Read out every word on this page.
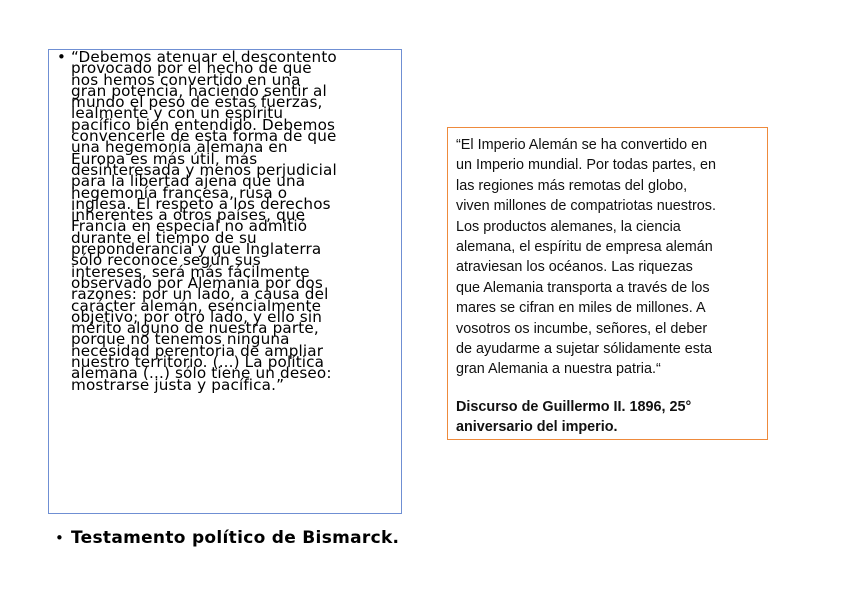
• “Debemos atenuar el descontento
provocado por el hecho de que
nos hemos convertido en una
gran potencia, haciendo sentir al
mundo el peso de estas fuerzas,
lealmente y con un espíritu
pacífico bien entendido. Debemos
convencerle de esta forma de que
una hegemonía alemana en
Europa es más útil, más
desinteresada y menos perjudicial
para la libertad ajena que una
hegemonía francesa, rusa o
inglesa. El respeto a los derechos
inherentes a otros países, que
Francia en especial no admitió
durante el tiempo de su
preponderancia y que Inglaterra
sólo reconoce según sus
intereses, será más fácilmente
observado por Alemania por dos
razones: por un lado, a causa del
carácter alemán, esencialmente
objetivo; por otro lado, y ello sin
mérito alguno de nuestra parte,
porque no tenemos ninguna
necesidad perentoria de ampliar
nuestro territorio. (...) La política
alemana (...) sólo tiene un deseo:
mostrarse justa y pacífica.”
• Testamento político de Bismarck.
“El Imperio Alemán se ha convertido en
un Imperio mundial. Por todas partes, en
las regiones más remotas del globo,
viven millones de compatriotas nuestros.
Los productos alemanes, la ciencia
alemana, el espíritu de empresa alemán
atraviesan los océanos. Las riquezas
que Alemania transporta a través de los
mares se cifran en miles de millones. A
vosotros os incumbe, señores, el deber
de ayudarme a sujetar sólidamente esta
gran Alemania a nuestra patria.“
Discurso de Guillermo II. 1896, 25°
aniversario del imperio.
